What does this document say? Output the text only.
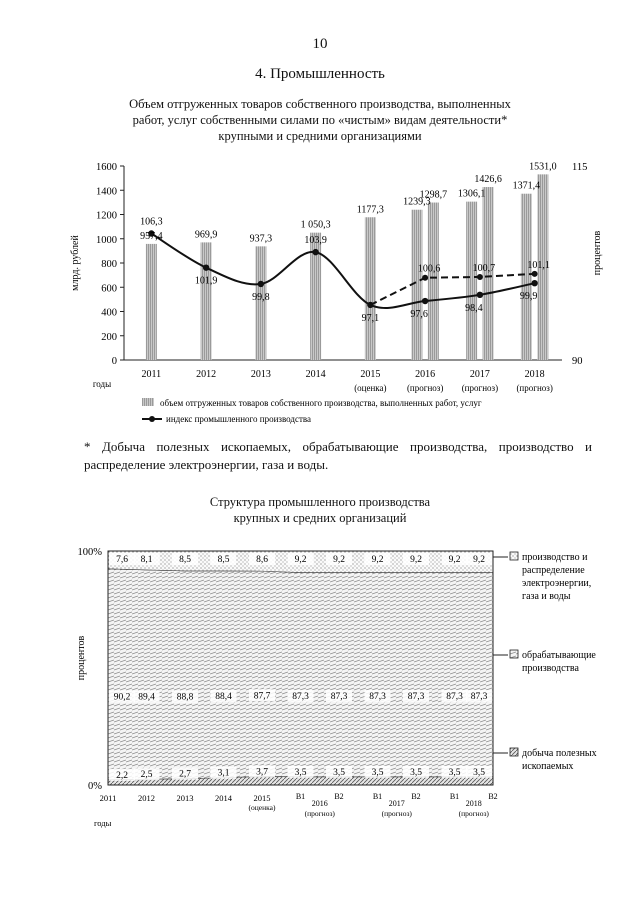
10
4. Промышленность
Объем отгруженных товаров собственного производства, выполненных
работ, услуг собственными силами по «чистым» видам деятельности*
крупными и средними организациями
0
200
400
600
800
1000
1200
1400
1600
млрд. рублей
115
90
процентов
2011	2012	2013	2014	2015
(оценка)
2016
(прогноз)
2017
(прогноз)
2018
(прогноз)
годы
957,4	969,9	937,3
1 050,3
1177,3
1239,3
1298,7 1306,1
1426,6
1371,4
1531,0
106,3
101,9
99,8
103,9
97,1	97,6
98,4
99,9
100,6	100,7	101,1
объем отгруженных товаров собственного производства, выполненных работ, услуг
индекс промышленного производства
* Добыча полезных ископаемых, обрабатывающие производства, производство и распределение электроэнергии, газа и воды.
Структура промышленного производства
крупных и средних организаций
100%
0%
процентов
2011	2012	2013	2014	2015	В1	В2	В1	В2	В1	В2
(оценка)	2016
(прогноз)
2017
(прогноз)
2018
(прогноз)
годы
2,2 2,5	2,7	3,1	3,7	3,5	3,5	3,5	3,5	3,5 3,5
90,2 89,4 88,8 88,4 87,7 87,3 87,3 87,3 87,3 87,3 87,3
7,6 8,1	8,5	8,5	8,6	9,2	9,2	9,2	9,2	9,2 9,2	производство и
распределение
электроэнергии,
газа и воды
обрабатывающие
производства
добыча полезных
ископаемых
